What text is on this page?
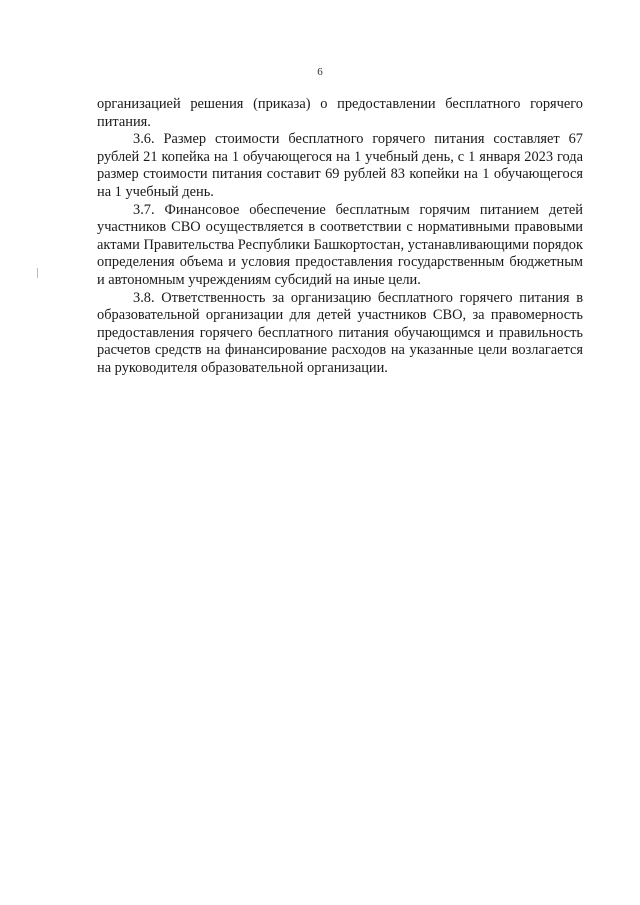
6

организацией решения (приказа) о предоставлении бесплатного горячего питания.

3.6. Размер стоимости бесплатного горячего питания составляет 67 рублей 21 копейка на 1 обучающегося на 1 учебный день, с 1 января 2023 года размер стоимости питания составит 69 рублей 83 копейки на 1 обучающегося на 1 учебный день.

3.7. Финансовое обеспечение бесплатным горячим питанием детей участников СВО осуществляется в соответствии с нормативными правовыми актами Правительства Республики Башкортостан, устанавливающими порядок определения объема и условия предоставления государственным бюджетным и автономным учреждениям субсидий на иные цели.

3.8. Ответственность за организацию бесплатного горячего питания в образовательной организации для детей участников СВО, за правомерность предоставления горячего бесплатного питания обучающимся и правильность расчетов средств на финансирование расходов на указанные цели возлагается на руководителя образовательной организации.
